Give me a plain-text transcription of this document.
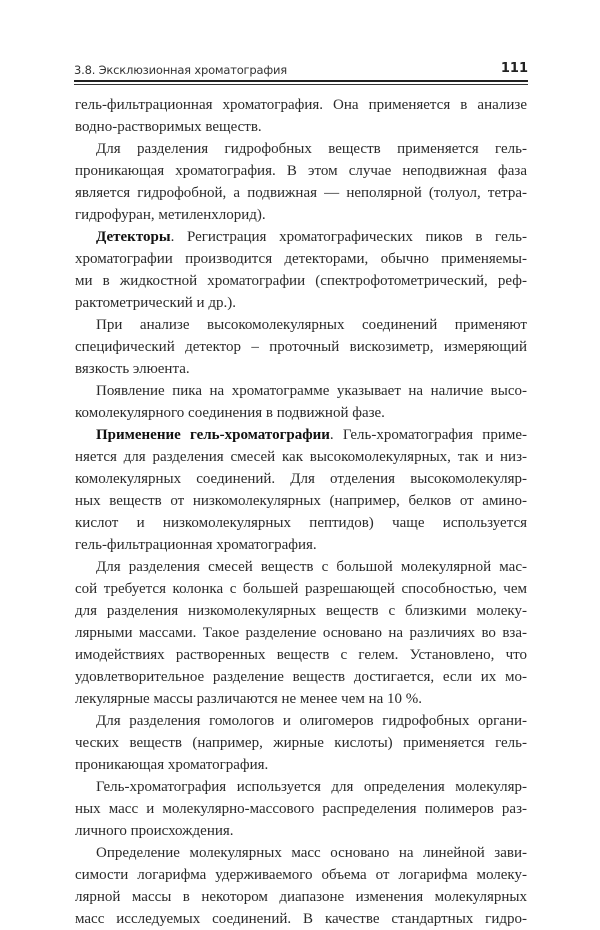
3.8. Эксклюзионная хроматография	111
гель-фильтрационная хроматография. Она применяется в анализе
водно-растворимых веществ.
Для разделения гидрофобных веществ применяется гель-
проникающая хроматография. В этом случае неподвижная фаза
является гидрофобной, а подвижная — неполярной (толуол, тетра-
гидрофуран, метиленхлорид).
Детекторы. Регистрация хроматографических пиков в гель-
хроматографии производится детекторами, обычно применяемы-
ми в жидкостной хроматографии (спектрофотометрический, реф-
рактометрический и др.).
При анализе высокомолекулярных соединений применяют
специфический детектор – проточный вискозиметр, измеряющий
вязкость элюента.
Появление пика на хроматограмме указывает на наличие высо-
комолекулярного соединения в подвижной фазе.
Применение гель-хроматографии. Гель-хроматография приме-
няется для разделения смесей как высокомолекулярных, так и низ-
комолекулярных соединений. Для отделения высокомолекуляр-
ных веществ от низкомолекулярных (например, белков от амино-
кислот и низкомолекулярных пептидов) чаще используется
гель-фильтрационная хроматография.
Для разделения смесей веществ с большой молекулярной мас-
сой требуется колонка с большей разрешающей способностью, чем
для разделения низкомолекулярных веществ с близкими молеку-
лярными массами. Такое разделение основано на различиях во вза-
имодействиях растворенных веществ с гелем. Установлено, что
удовлетворительное разделение веществ достигается, если их мо-
лекулярные массы различаются не менее чем на 10 %.
Для разделения гомологов и олигомеров гидрофобных органи-
ческих веществ (например, жирные кислоты) применяется гель-
проникающая хроматография.
Гель-хроматография используется для определения молекуляр-
ных масс и молекулярно-массового распределения полимеров раз-
личного происхождения.
Определение молекулярных масс основано на линейной зави-
симости логарифма удерживаемого объема от логарифма молеку-
лярной массы в некотором диапазоне изменения молекулярных
масс исследуемых соединений. В качестве стандартных гидро-
